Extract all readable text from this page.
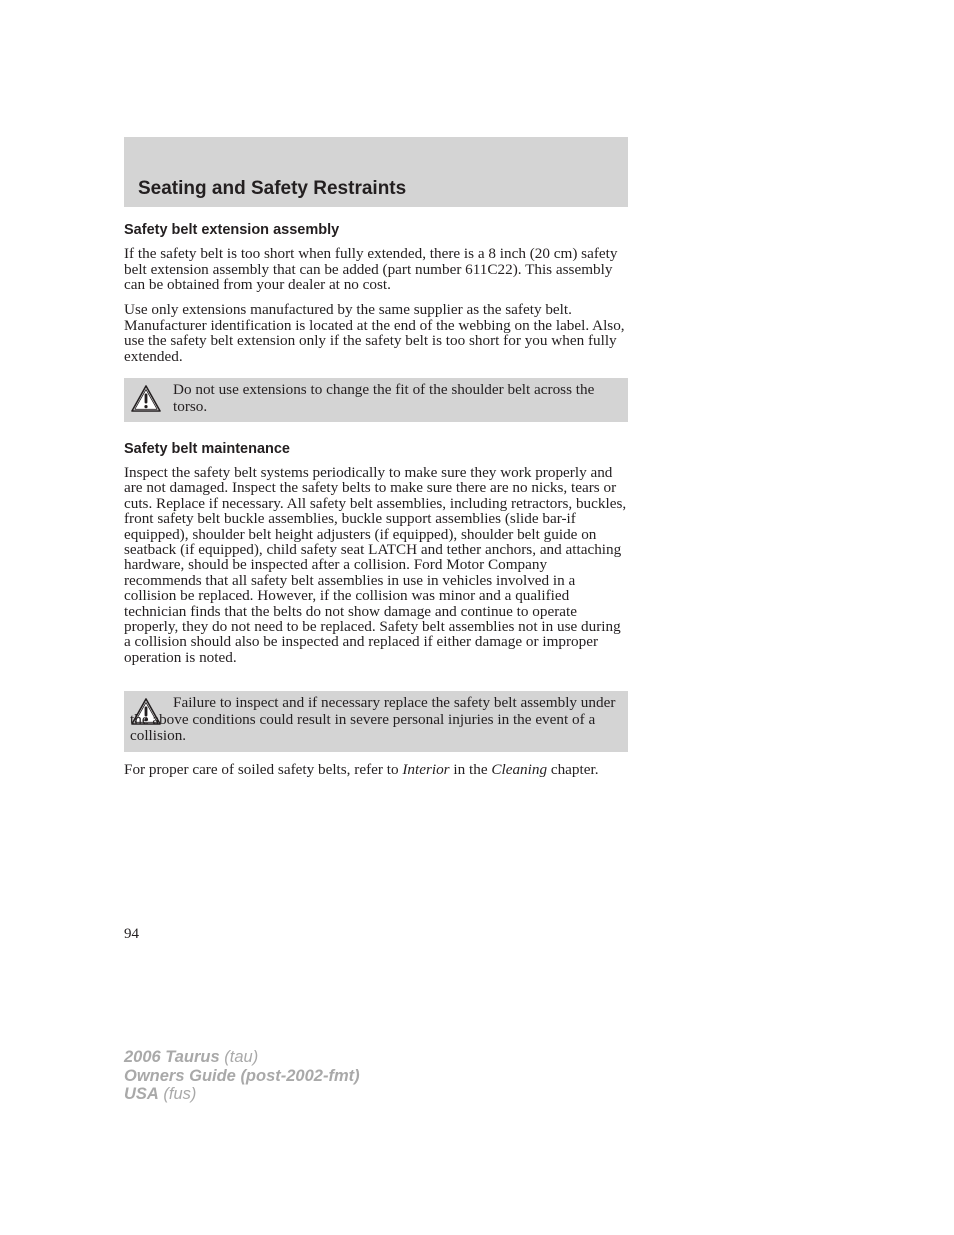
Seating and Safety Restraints
Safety belt extension assembly

If the safety belt is too short when fully extended, there is a 8 inch (20 cm) safety belt extension assembly that can be added (part number 611C22). This assembly can be obtained from your dealer at no cost.

Use only extensions manufactured by the same supplier as the safety belt. Manufacturer identification is located at the end of the webbing on the label. Also, use the safety belt extension only if the safety belt is too short for you when fully extended.

Do not use extensions to change the fit of the shoulder belt across the torso.

Safety belt maintenance

Inspect the safety belt systems periodically to make sure they work properly and are not damaged. Inspect the safety belts to make sure there are no nicks, tears or cuts. Replace if necessary. All safety belt assemblies, including retractors, buckles, front safety belt buckle assemblies, buckle support assemblies (slide bar-if equipped), shoulder belt height adjusters (if equipped), shoulder belt guide on seatback (if equipped), child safety seat LATCH and tether anchors, and attaching hardware, should be inspected after a collision. Ford Motor Company recommends that all safety belt assemblies in use in vehicles involved in a collision be replaced. However, if the collision was minor and a qualified technician finds that the belts do not show damage and continue to operate properly, they do not need to be replaced. Safety belt assemblies not in use during a collision should also be inspected and replaced if either damage or improper operation is noted.

Failure to inspect and if necessary replace the safety belt assembly under the above conditions could result in severe personal injuries in the event of a collision.

For proper care of soiled safety belts, refer to Interior in the Cleaning chapter.

94

2006 Taurus (tau)

Owners Guide (post-2002-fmt)

USA (fus)
